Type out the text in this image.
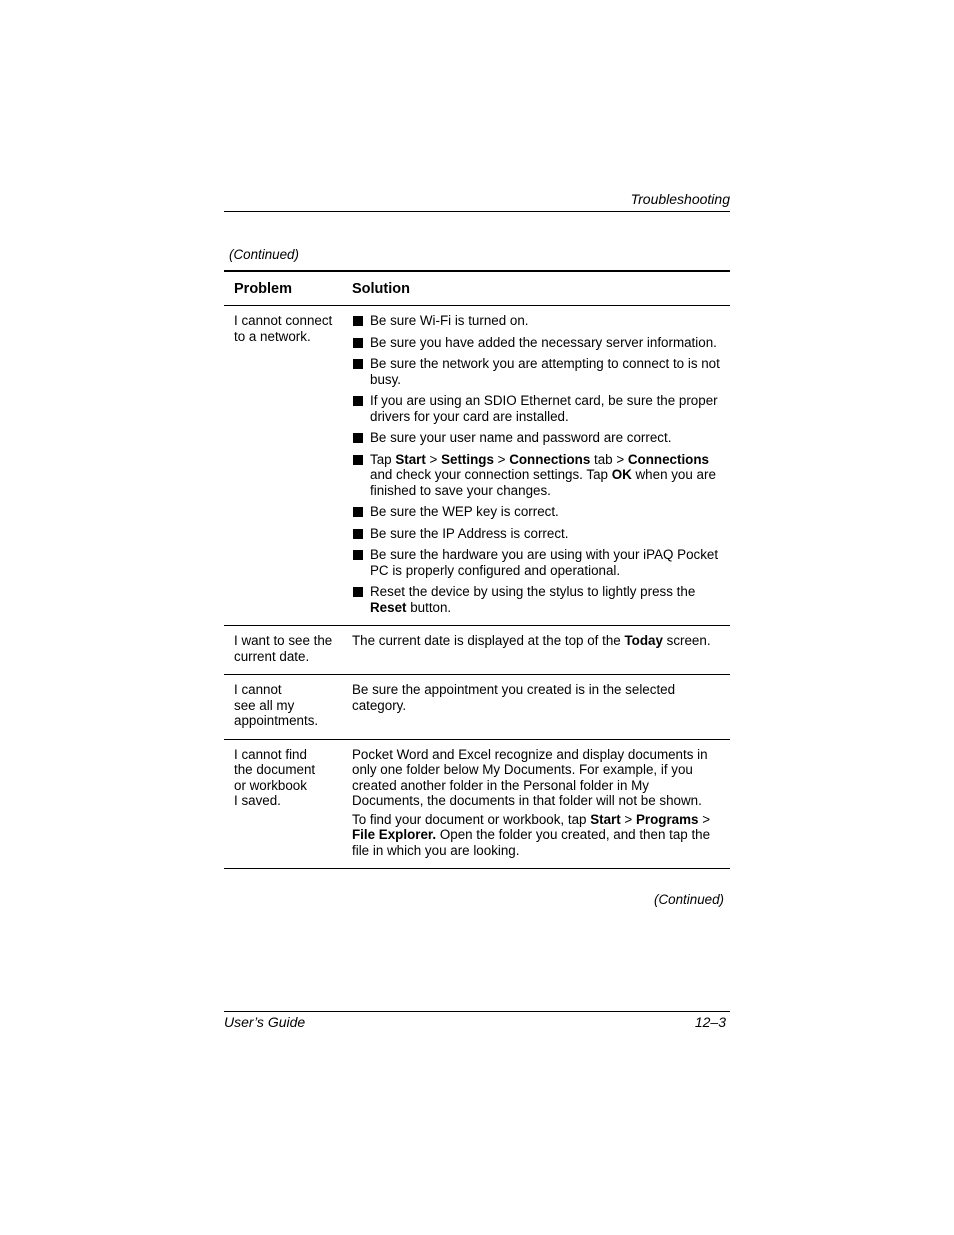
Troubleshooting
(Continued)
Problem	Solution
I cannot connect to a network.
Be sure Wi-Fi is turned on.
Be sure you have added the necessary server information.
Be sure the network you are attempting to connect to is not busy.
If you are using an SDIO Ethernet card, be sure the proper drivers for your card are installed.
Be sure your user name and password are correct.
Tap Start > Settings > Connections tab > Connections and check your connection settings. Tap OK when you are finished to save your changes.
Be sure the WEP key is correct.
Be sure the IP Address is correct.
Be sure the hardware you are using with your iPAQ Pocket PC is properly configured and operational.
Reset the device by using the stylus to lightly press the Reset button.
I want to see the current date.
The current date is displayed at the top of the Today screen.
I cannot
see all my
appointments.
Be sure the appointment you created is in the selected category.
I cannot find
the document
or workbook
I saved.

Pocket Word and Excel recognize and display documents in only one folder below My Documents. For example, if you created another folder in the Personal folder in My Documents, the documents in that folder will not be shown.

To find your document or workbook, tap Start > Programs > File Explorer. Open the folder you created, and then tap the file in which you are looking.

(Continued)
User’s Guide	12–3
